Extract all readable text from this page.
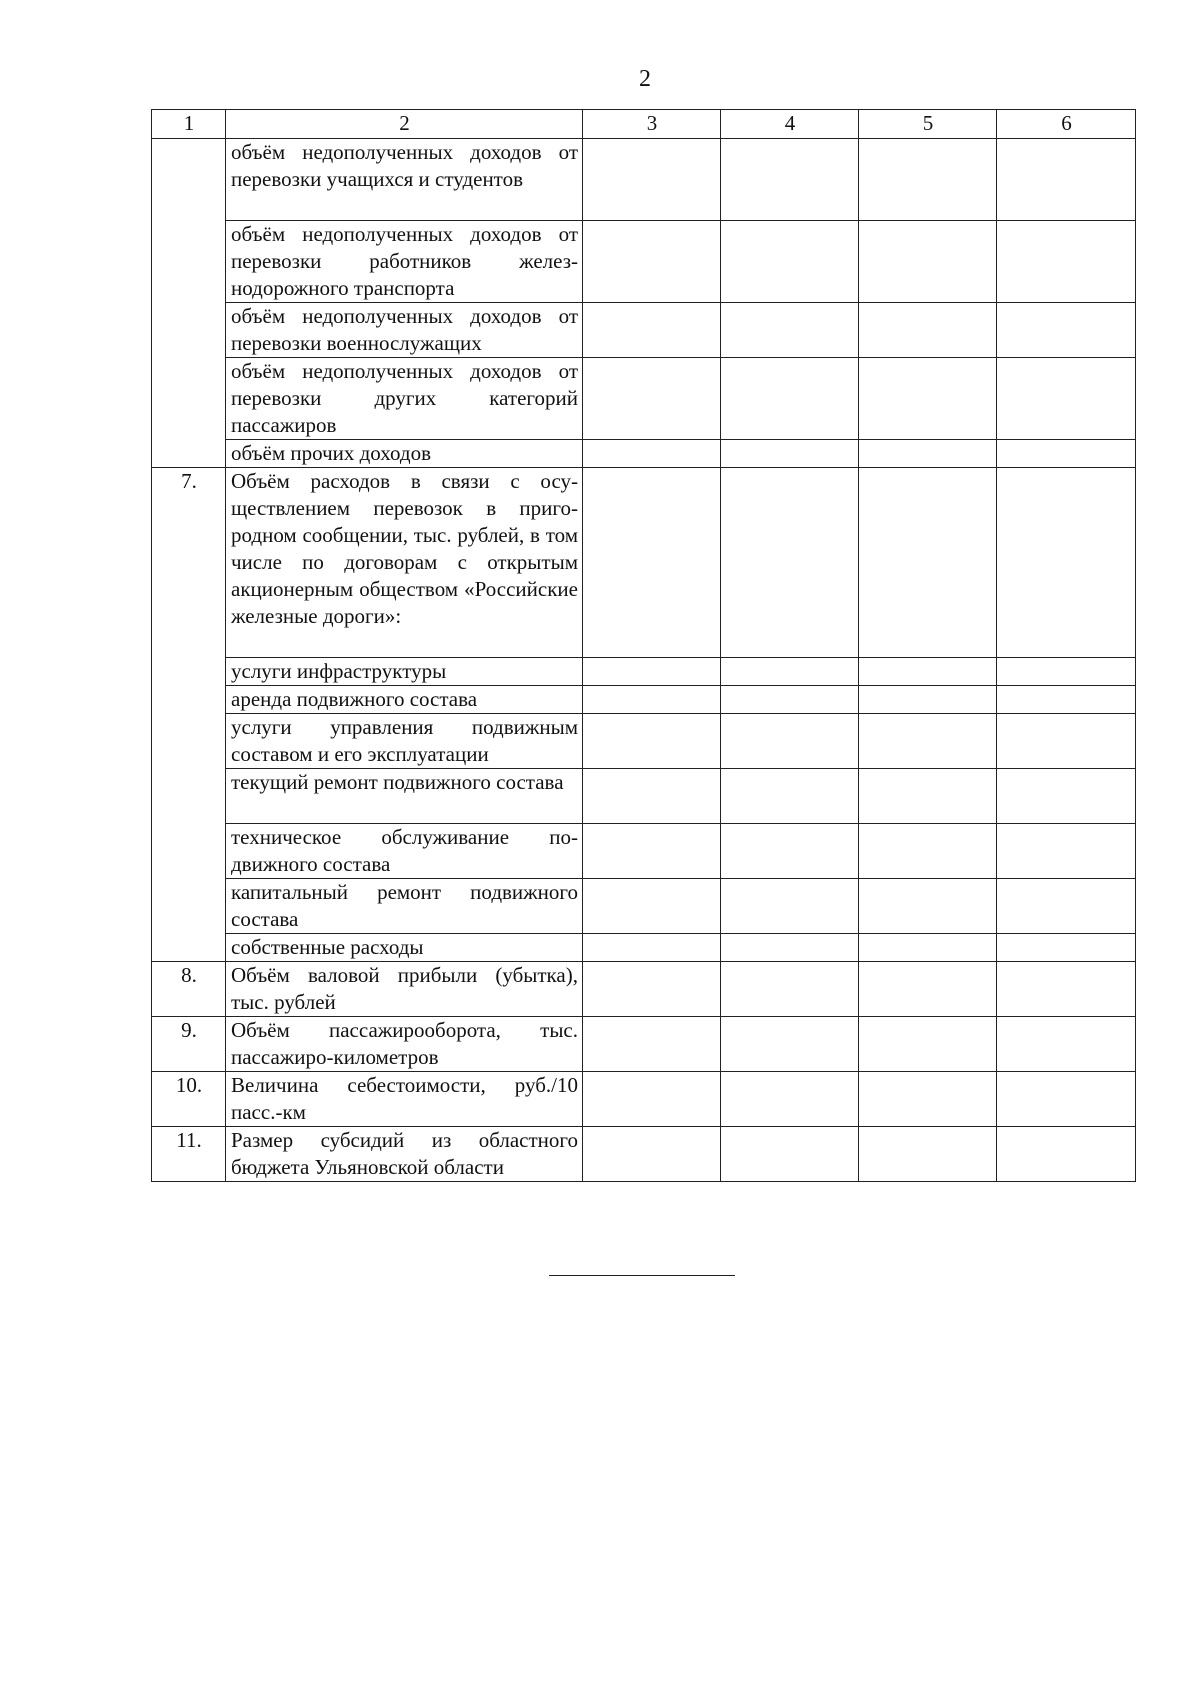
2
1	2	3	4	5	6
	объём недополученных доходов от перевозки учащихся и студентов				
	объём недополученных доходов от перевозки работников железнодорожного транспорта				
	объём недополученных доходов от перевозки военнослужащих				
	объём недополученных доходов от перевозки других категорий пассажиров				
	объём прочих доходов				
7.	Объём расходов в связи с осуществлением перевозок в пригородном сообщении, тыс. рублей, в том числе по договорам с открытым акционерным обществом «Российские железные дороги»:				
	услуги инфраструктуры				
	аренда подвижного состава				
	услуги управления подвижным составом и его эксплуатации				
	текущий ремонт подвижного состава				
	техническое обслуживание подвижного состава				
	капитальный ремонт подвижного состава				
	собственные расходы				
8.	Объём валовой прибыли (убытка), тыс. рублей				
9.	Объём пассажирооборота, тыс. пассажиро-километров				
10.	Величина себестоимости, руб./10 пасс.-км				
11.	Размер субсидий из областного бюджета Ульяновской области				
